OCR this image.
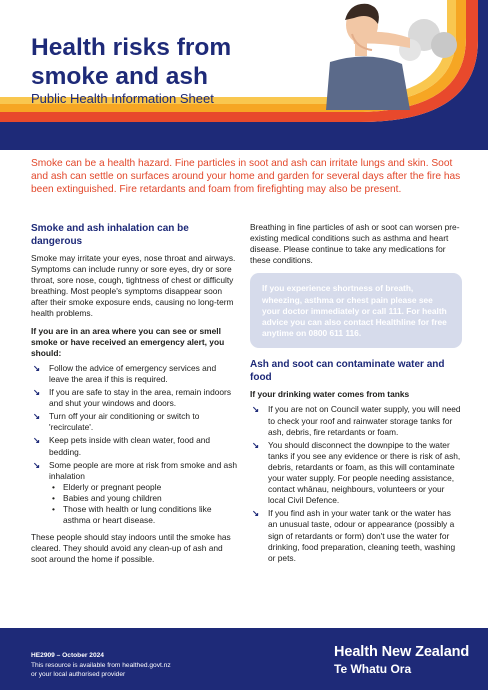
Health risks from
smoke and ash
Public Health Information Sheet
Smoke can be a health hazard. Fine particles in soot and ash can irritate lungs and skin. Soot and ash can settle on surfaces around your home and garden for several days after the fire has been extinguished. Fire retardants and foam from firefighting may also be present.
Smoke and ash inhalation can be dangerous

Smoke may irritate your eyes, nose throat and airways. Symptoms can include runny or sore eyes, dry or sore throat, sore nose, cough, tightness of chest or difficulty breathing. Most people's symptoms disappear soon after their smoke exposure ends, causing no long-term health problems.

If you are in an area where you can see or smell smoke or have received an emergency alert, you should:

↘ Follow the advice of emergency services and leave the area if this is required.
↘ If you are safe to stay in the area, remain indoors and shut your windows and doors.
↘ Turn off your air conditioning or switch to 'recirculate'.
↘ Keep pets inside with clean water, food and bedding.
↘ Some people are more at risk from smoke and ash inhalation
• Elderly or pregnant people
• Babies and young children
• Those with health or lung conditions like asthma or heart disease.

These people should stay indoors until the smoke has cleared. They should avoid any clean-up of ash and soot around the home if possible.

Breathing in fine particles of ash or soot can worsen pre-existing medical conditions such as asthma and heart disease. Please continue to take any medications for these conditions.

If you experience shortness of breath, wheezing, asthma or chest pain please see your doctor immediately or call 111. For health advice you can also contact Healthline for free anytime on 0800 611 116.
Ash and soot can contaminate water and food

If your drinking water comes from tanks

↘ If you are not on Council water supply, you will need to check your roof and rainwater storage tanks for ash, debris, fire retardants or foam.
↘ You should disconnect the downpipe to the water tanks if you see any evidence or there is risk of ash, debris, retardants or foam, as this will contaminate your water supply. For people needing assistance, contact whānau, neighbours, volunteers or your local Civil Defence.
↘ If you find ash in your water tank or the water has an unusual taste, odour or appearance (possibly a sign of retardants or form) don't use the water for drinking, food preparation, cleaning teeth, washing or pets.
HE2909 – October 2024
This resource is available from healthed.govt.nz
or your local authorised provider
Health New Zealand
Te Whatu Ora
